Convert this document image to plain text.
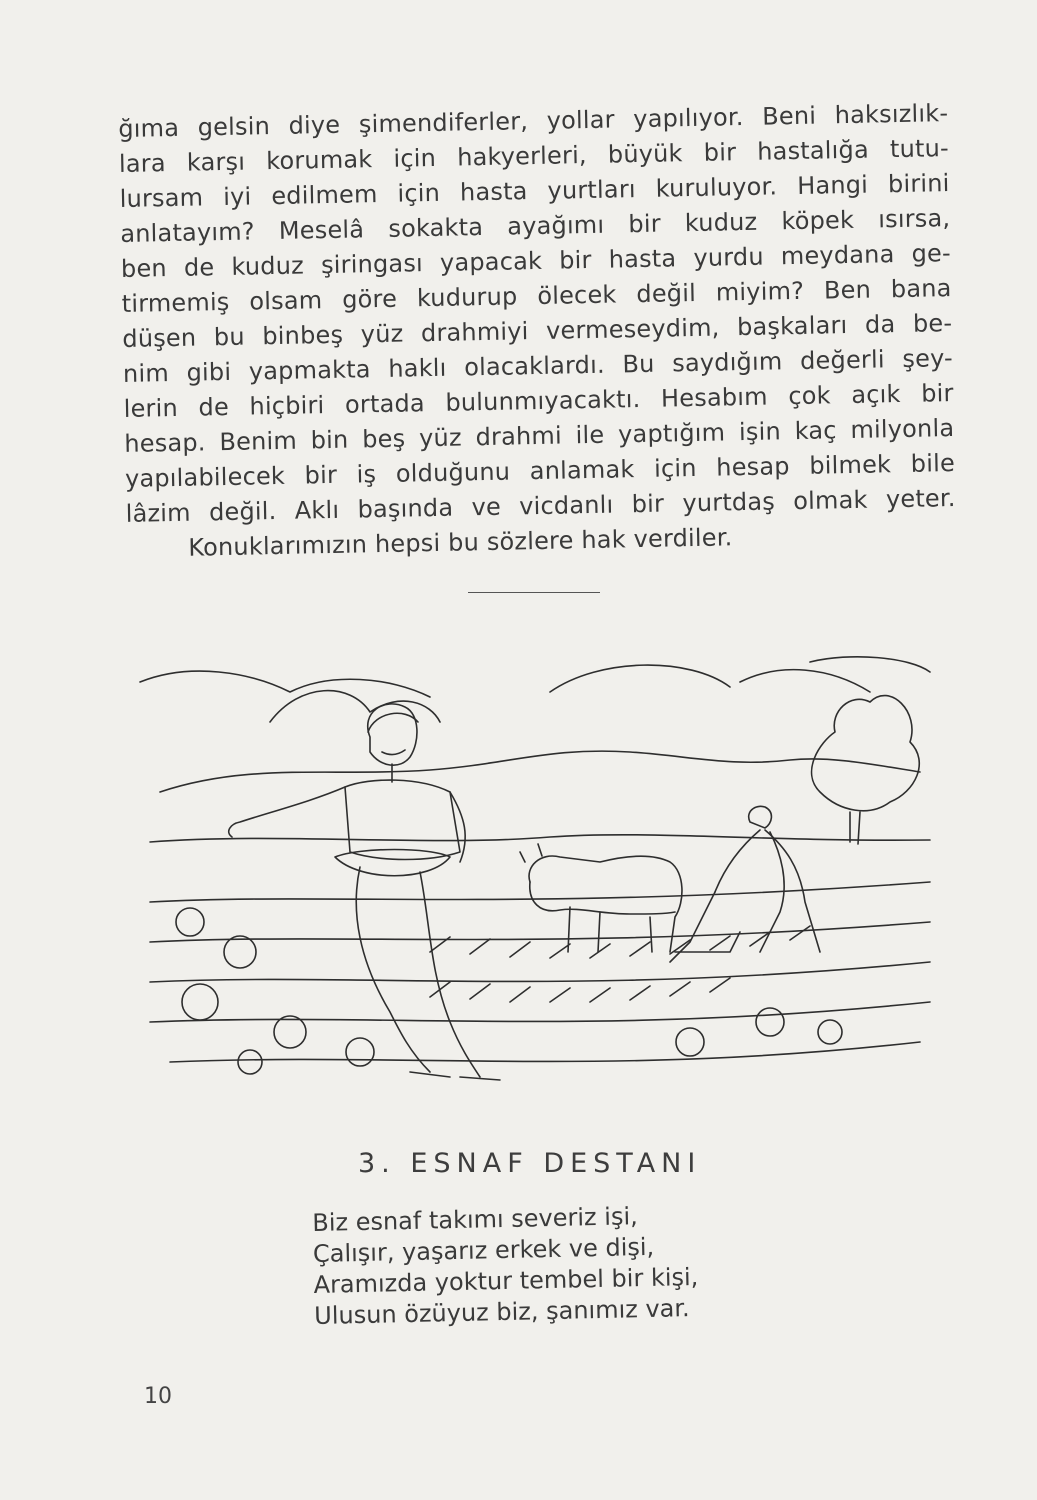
ğıma gelsin diye şimendiferler, yollar yapılıyor. Beni haksızlık-
lara karşı korumak için hakyerleri, büyük bir hastalığa tutu-
lursam iyi edilmem için hasta yurtları kuruluyor. Hangi birini
anlatayım? Meselâ sokakta ayağımı bir kuduz köpek ısırsa,
ben de kuduz şiringası yapacak bir hasta yurdu meydana ge-
tirmemiş olsam göre kudurup ölecek değil miyim? Ben bana
düşen bu binbeş yüz drahmiyi vermeseydim, başkaları da be-
nim gibi yapmakta haklı olacaklardı. Bu saydığım değerli şey-
lerin de hiçbiri ortada bulunmıyacaktı. Hesabım çok açık bir
hesap. Benim bin beş yüz drahmi ile yaptığım işin kaç milyonla
yapılabilecek bir iş olduğunu anlamak için hesap bilmek bile
lâzim değil. Aklı başında ve vicdanlı bir yurtdaş olmak yeter.
Konuklarımızın hepsi bu sözlere hak verdiler.
3. ESNAF DESTANI
Biz esnaf takımı severiz işi,
Çalışır, yaşarız erkek ve dişi,
Aramızda yoktur tembel bir kişi,
Ulusun özüyuz biz, şanımız var.
10
